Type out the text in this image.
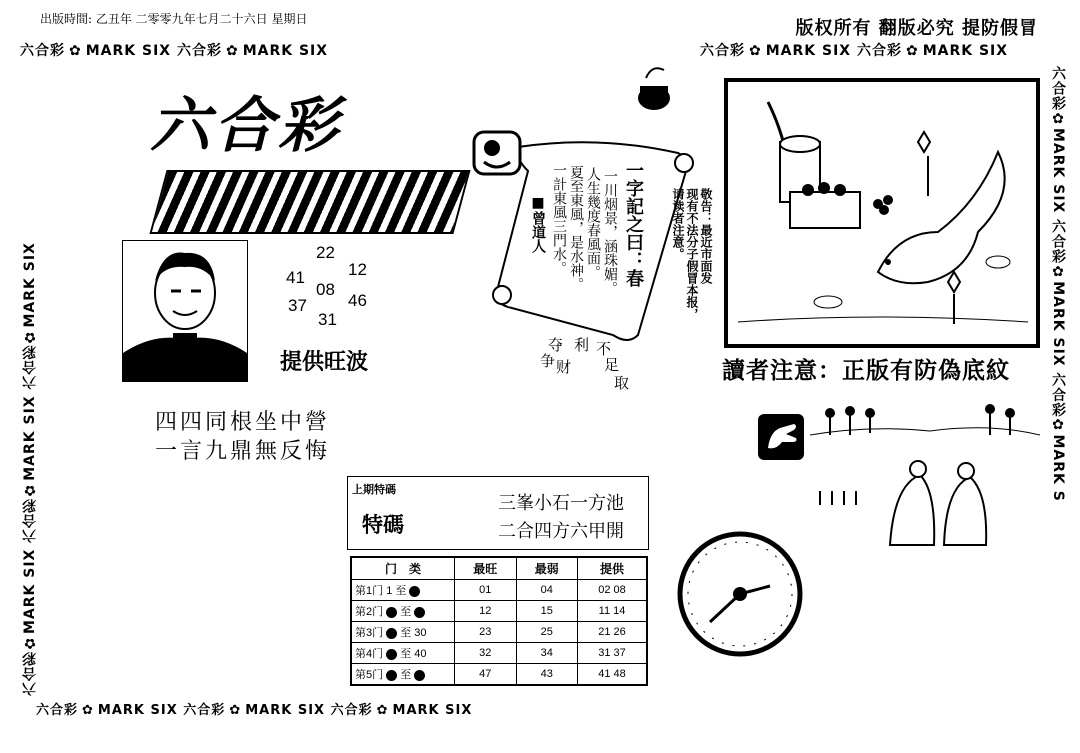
出版時間: 乙丑年 二零零九年七月二十六日 星期日	版权所有 翻版必究 提防假冒
六合彩 ✿ MARK SIX 六合彩 ✿ MARK SIX	六合彩 ✿ MARK SIX 六合彩 ✿ MARK SIX
六合彩✿MARK SIX 六合彩✿MARK SIX 六合彩✿MARK SIX
六合彩✿MARK SIX 六合彩✿MARK SIX 六合彩✿MARK S
六合彩 ✿ MARK SIX 六合彩 ✿ MARK SIX 六合彩 ✿ MARK SIX
六合彩
22
12
41
08
46
37
31
提供旺波
四四同根坐中營
一言九鼎無反悔
一字記之曰：春
一川烟景，涵珠媚。
人生幾度春風面。
夏至東風，是水神。
一計東風三門水。
■曾道人
争
利 不
足
取
财
夺
敬告：最近市面发
现有不法分子假冒本报，
请读者注意。
讀者注意：正版有防偽底紋
上期特碼
特碼
三峯小石一方池
二合四方六甲開
门　类	最旺	最弱	提供
第1门 1 至	01	04	02 08
第2门 至	12	15	11 14
第3门 至 30	23	25	21 26
第4门 至 40	32	34	31 37
第5门 至	47	43	41 48
